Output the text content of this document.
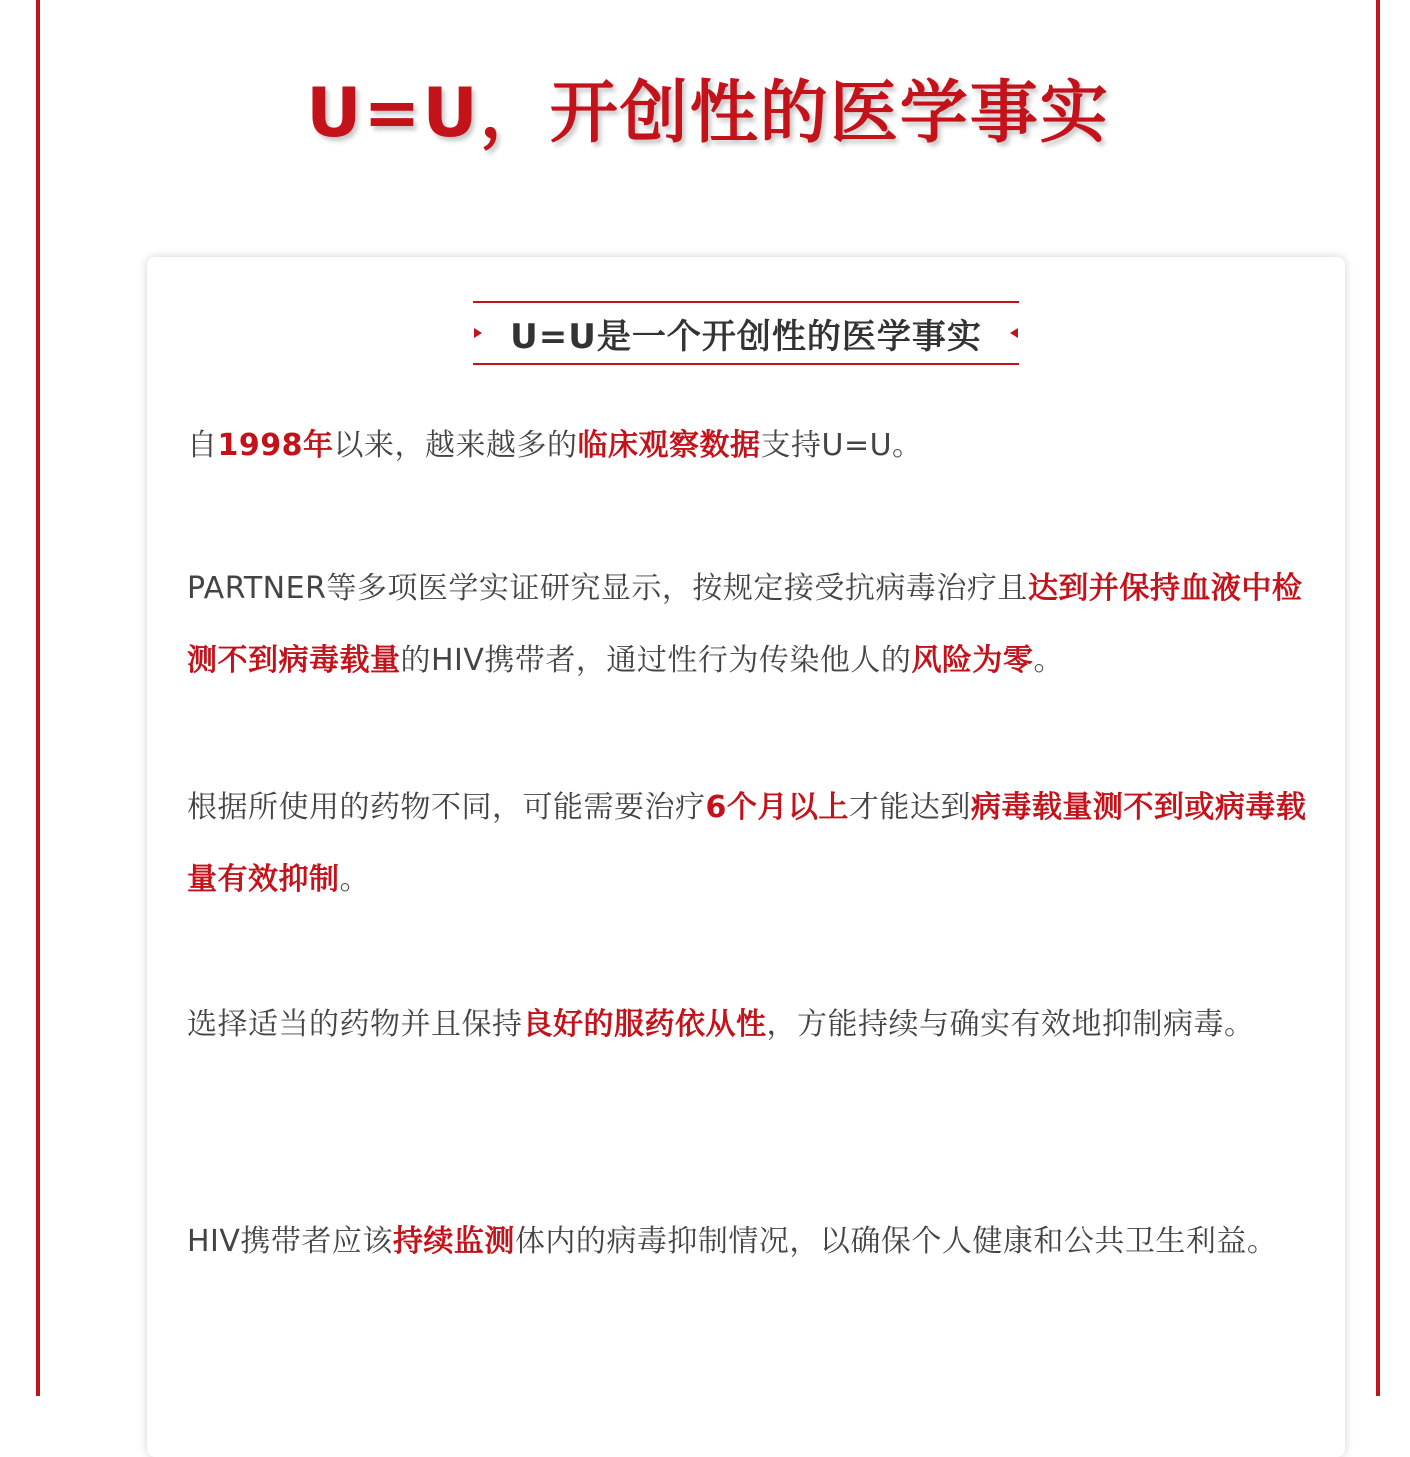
U=U，开创性的医学事实
U=U是一个开创性的医学事实
自1998年以来，越来越多的临床观察数据支持U=U。
PARTNER等多项医学实证研究显示，按规定接受抗病毒治疗且达到并保持血液中检测不到病毒载量的HIV携带者，通过性行为传染他人的风险为零。
根据所使用的药物不同，可能需要治疗6个月以上才能达到病毒载量测不到或病毒载量有效抑制。
选择适当的药物并且保持良好的服药依从性，方能持续与确实有效地抑制病毒。
HIV携带者应该持续监测体内的病毒抑制情况，以确保个人健康和公共卫生利益。
